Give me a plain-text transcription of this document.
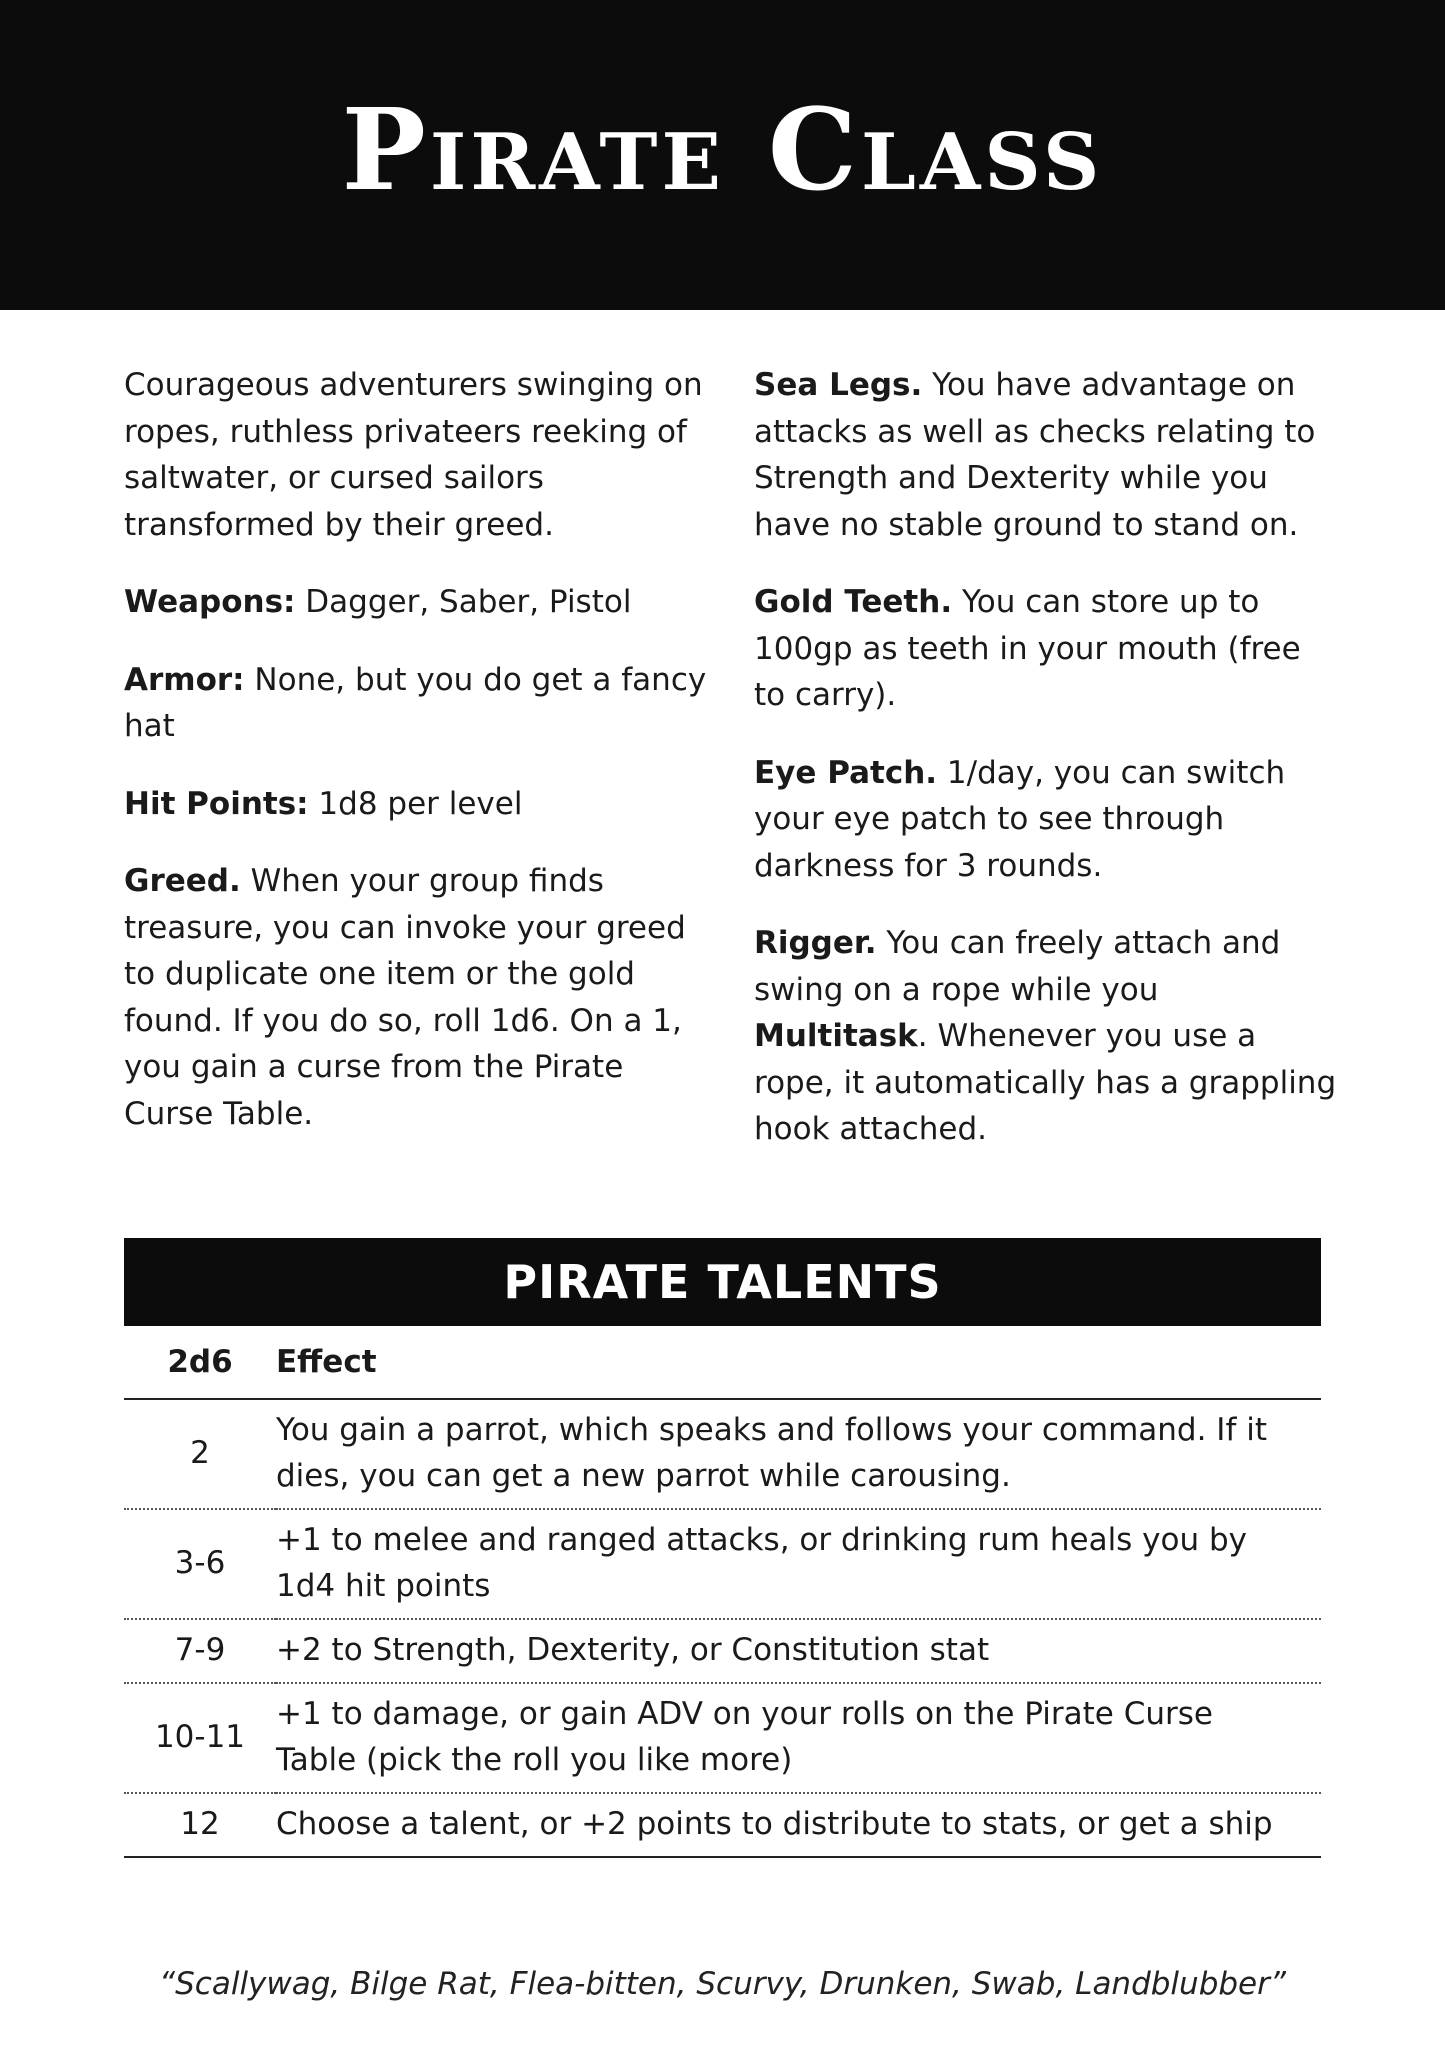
Pirate Class

Courageous adventurers swinging on ropes, ruthless privateers reeking of saltwater, or cursed sailors transformed by their greed.

Weapons: Dagger, Saber, Pistol

Armor: None, but you do get a fancy hat

Hit Points: 1d8 per level

Greed. When your group finds treasure, you can invoke your greed to duplicate one item or the gold found. If you do so, roll 1d6. On a 1, you gain a curse from the Pirate Curse Table.

Sea Legs. You have advantage on attacks as well as checks relating to Strength and Dexterity while you have no stable ground to stand on.

Gold Teeth. You can store up to 100gp as teeth in your mouth (free to carry).

Eye Patch. 1/day, you can switch your eye patch to see through darkness for 3 rounds.

Rigger. You can freely attach and swing on a rope while you Multitask. Whenever you use a rope, it automatically has a grappling hook attached.

PIRATE TALENTS
2d6	Effect
2	You gain a parrot, which speaks and follows your command. If it dies, you can get a new parrot while carousing.
3-6	+1 to melee and ranged attacks, or drinking rum heals you by 1d4 hit points
7-9	+2 to Strength, Dexterity, or Constitution stat
10-11	+1 to damage, or gain ADV on your rolls on the Pirate Curse Table (pick the roll you like more)
12	Choose a talent, or +2 points to distribute to stats, or get a ship
“Scallywag, Bilge Rat, Flea-bitten, Scurvy, Drunken, Swab, Landblubber”
